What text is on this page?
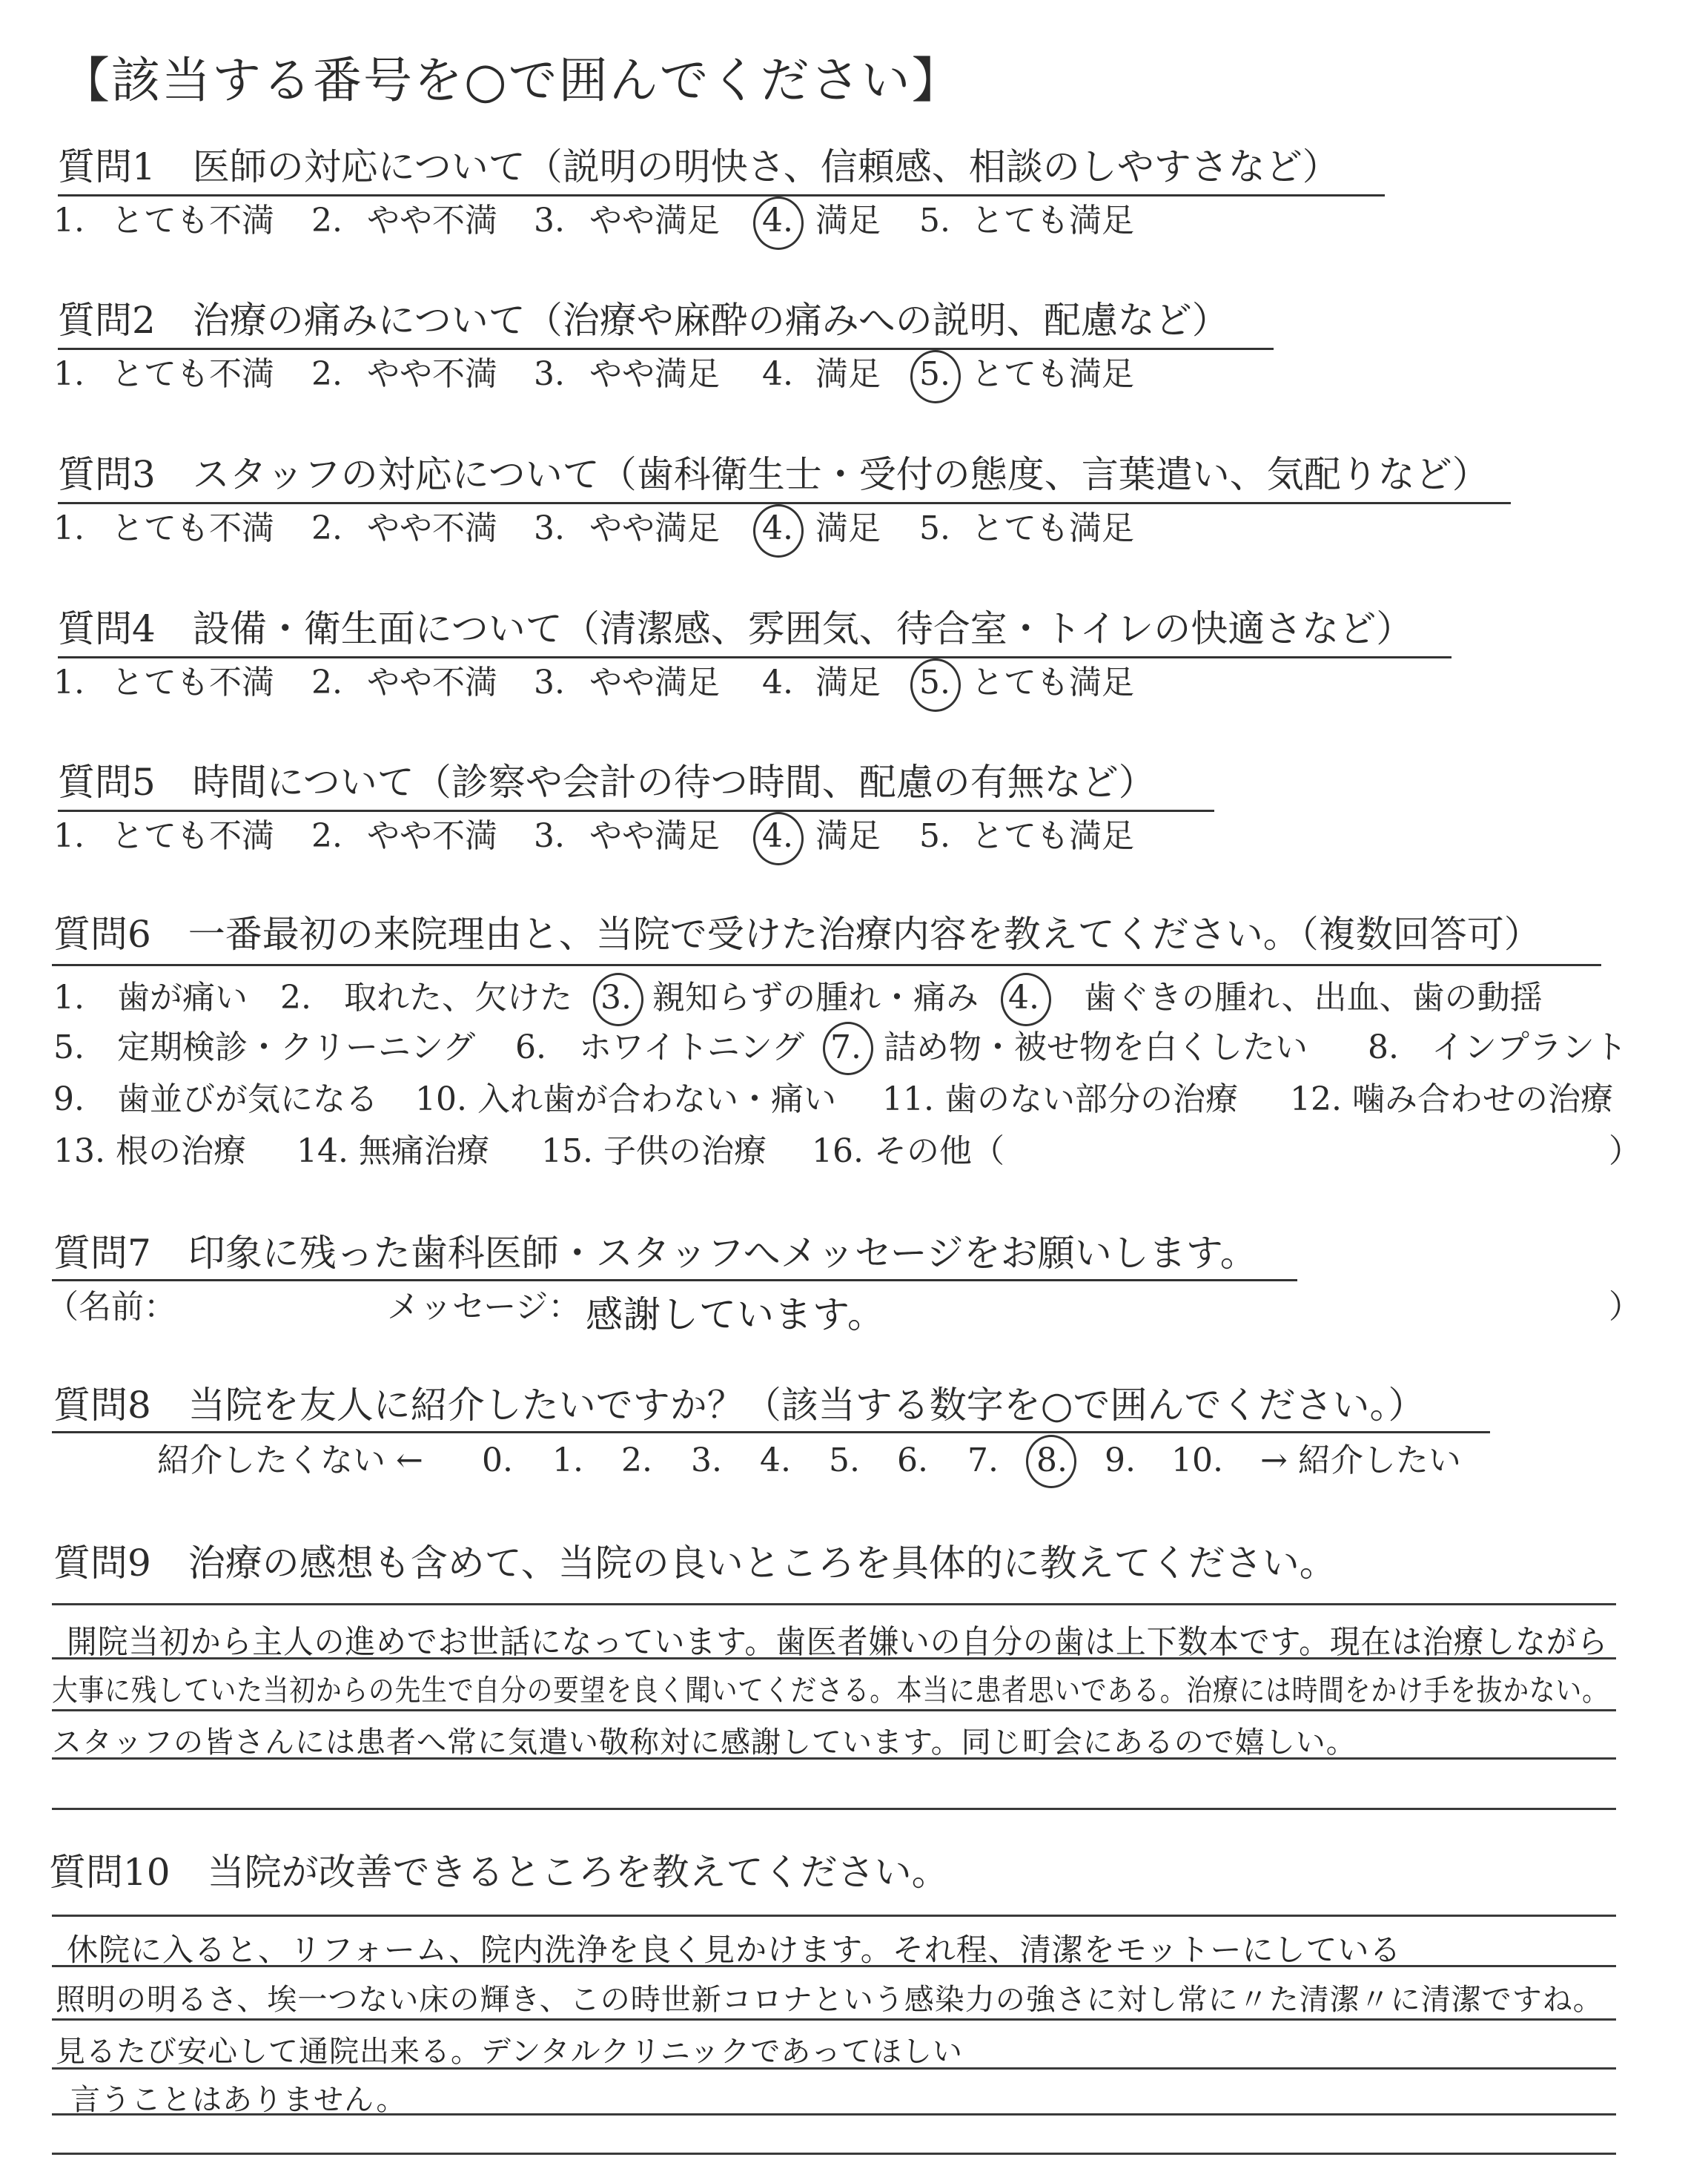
【該当する番号を○で囲んでください】
質問1　医師の対応について（説明の明快さ、信頼感、相談のしやすさなど）
1. とても不満 2. やや不満 3. やや満足 4. 満足 5. とても満足
質問2　治療の痛みについて（治療や麻酔の痛みへの説明、配慮など）
1. とても不満 2. やや不満 3. やや満足 4. 満足 5. とても満足
質問3　スタッフの対応について（歯科衛生士・受付の態度、言葉遣い、気配りなど）
1. とても不満 2. やや不満 3. やや満足 4. 満足 5. とても満足
質問4　設備・衛生面について（清潔感、雰囲気、待合室・トイレの快適さなど）
1. とても不満 2. やや不満 3. やや満足 4. 満足 5. とても満足
質問5　時間について（診察や会計の待つ時間、配慮の有無など）
1. とても不満 2. やや不満 3. やや満足 4. 満足 5. とても満足
質問6　一番最初の来院理由と、当院で受けた治療内容を教えてください。（複数回答可）
1.　歯が痛い 2.　取れた、欠けた 3. 親知らずの腫れ・痛み 4. 歯ぐきの腫れ、出血、歯の動揺
5.　定期検診・クリーニング 6.　ホワイトニング 7. 詰め物・被せ物を白くしたい 8.　インプラント
9.　歯並びが気になる 10. 入れ歯が合わない・痛い 11. 歯のない部分の治療 12. 噛み合わせの治療
13. 根の治療 14. 無痛治療 15. 子供の治療 16. その他（	）
質問7　印象に残った歯科医師・スタッフへメッセージをお願いします。
（名前：	メッセージ： 感謝しています。	）
質問8　当院を友人に紹介したいですか？（該当する数字を○で囲んでください。）
紹介したくない ← 0. 1. 2. 3. 4. 5. 6. 7. 8. 9. 10. → 紹介したい
質問9　治療の感想も含めて、当院の良いところを具体的に教えてください。
開院当初から主人の進めでお世話になっています。歯医者嫌いの自分の歯は上下数本です。現在は治療しながら
大事に残していた当初からの先生で自分の要望を良く聞いてくださる。本当に患者思いである。治療には時間をかけ手を抜かない。
スタッフの皆さんには患者へ常に気遣い敬称対に感謝しています。同じ町会にあるので嬉しい。
質問10　当院が改善できるところを教えてください。
休院に入ると、リフォーム、院内洗浄を良く見かけます。それ程、清潔をモットーにしている
照明の明るさ、埃一つない床の輝き、この時世新コロナという感染力の強さに対し常に〃た清潔〃に清潔ですね。
見るたび安心して通院出来る。デンタルクリニックであってほしい
言うことはありません。
